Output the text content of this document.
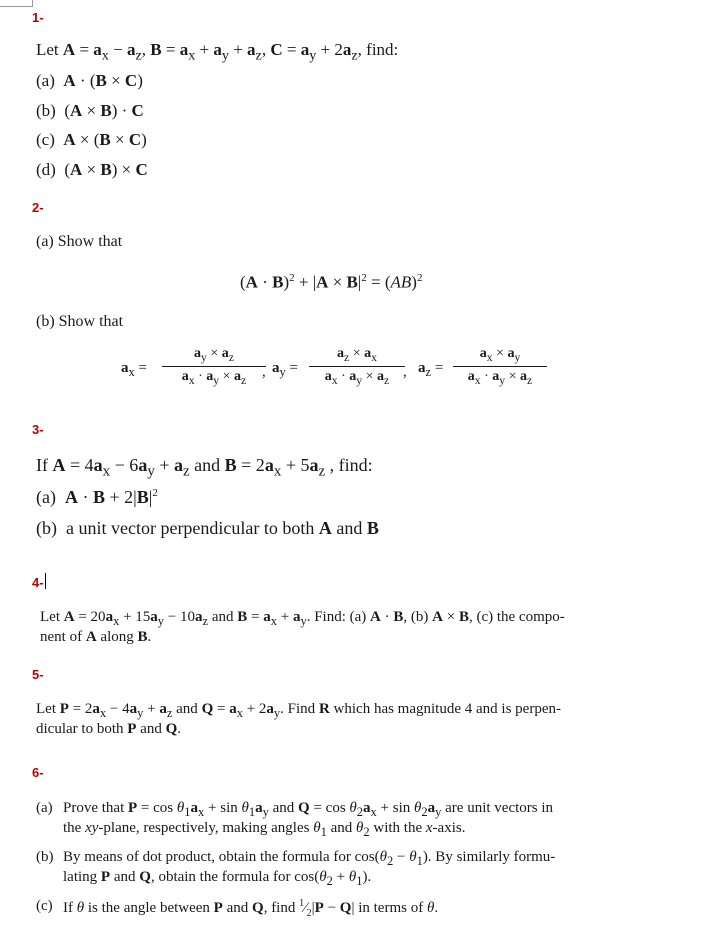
1-
Let $A = a_x - a_z$, $B = a_x + a_y + a_z$, $C = a_y + 2a_z$, find:
(a)  A · (B × C)
(b)  (A × B) · C
(c)  A × (B × C)
(d)  (A × B) × C
2-
(a) Show that
$(A \cdot B)^2 + |A \times B|^2 = (AB)^2$
(b) Show that
$a_x = \frac{a_y \times a_z}{a_x \cdot a_y \times a_z}$
, $a_y = \frac{a_z \times a_x}{a_x \cdot a_y \times a_z}$
, $a_z = \frac{a_x \times a_y}{a_x \cdot a_y \times a_z}$
3-
If $A = 4a_x - 6a_y + a_z$ and $B = 2a_x + 5a_z$ , find:
(a)  $A \cdot B + 2|B|^2$
(b)  a unit vector perpendicular to both A and B
4-
Let $A = 20a_x + 15a_y - 10a_z$ and $B = a_x + a_y$. Find: (a) A · B, (b) A × B, (c) the compo-
nent of A along B.
5-
Let $P = 2a_x - 4a_y + a_z$ and $Q = a_x + 2a_y$. Find R which has magnitude 4 and is perpen-
dicular to both P and Q.
6-
(a) Prove that $P = \cos \theta_1a_x + \sin \theta_1a_y$ and $Q = \cos \theta_2a_x + \sin \theta_2a_y$ are unit vectors in
the xy-plane, respectively, making angles $\theta_1$ and $\theta_2$ with the x-axis.
(b) By means of dot product, obtain the formula for $\cos(\theta_2 - \theta_1)$. By similarly formu-
lating P and Q, obtain the formula for $\cos(\theta_2 + \theta_1)$.
(c) If θ is the angle between P and Q, find $^1⁄_2|P - Q|$ in terms of θ.
